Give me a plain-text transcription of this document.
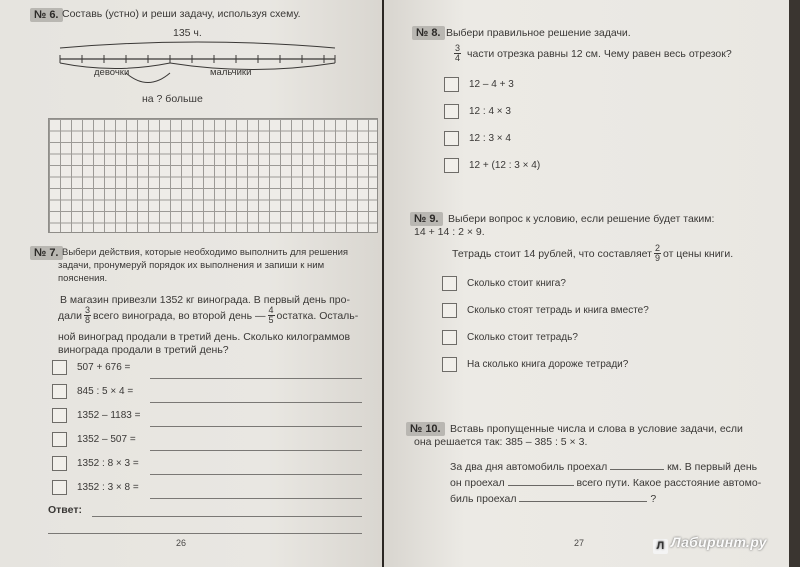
№ 6. Составь (устно) и реши задачу, используя схему.
135 ч.
девочки	мальчики
на ? больше
№ 7. Выбери действия, которые необходимо выполнить для решения
задачи, пронумеруй порядок их выполнения и запиши к ним
пояснения.
В магазин привезли 1352 кг винограда. В первый день про-
дали $\frac{3}{8}$ всего винограда, во второй день — $\frac{4}{5}$ остатка. Осталь-
ной виноград продали в третий день. Сколько килограммов
винограда продали в третий день?
507 + 676 =
845 : 5 × 4 =
1352 – 1183 =
1352 – 507 =
1352 : 8 × 3 =
1352 : 3 × 8 =
Ответ:
26
№ 8. Выбери правильное решение задачи.
$\frac{3}{4}$ части отрезка равны 12 см. Чему равен весь отрезок?
12 – 4 + 3
12 : 4 × 3
12 : 3 × 4
12 + (12 : 3 × 4)
№ 9. Выбери вопрос к условию, если решение будет таким:
14 + 14 : 2 × 9.
Тетрадь стоит 14 рублей, что составляет $\frac{2}{9}$ от цены книги.
Сколько стоит книга?
Сколько стоят тетрадь и книга вместе?
Сколько стоит тетрадь?
На сколько книга дороже тетради?
№ 10. Вставь пропущенные числа и слова в условие задачи, если
она решается так: 385 – 385 : 5 × 3.
За два дня автомобиль проехал	км. В первый день
он проехал	всего пути. Какое расстояние автомо-
биль проехал	?
27	Л Лабиринт.ру
